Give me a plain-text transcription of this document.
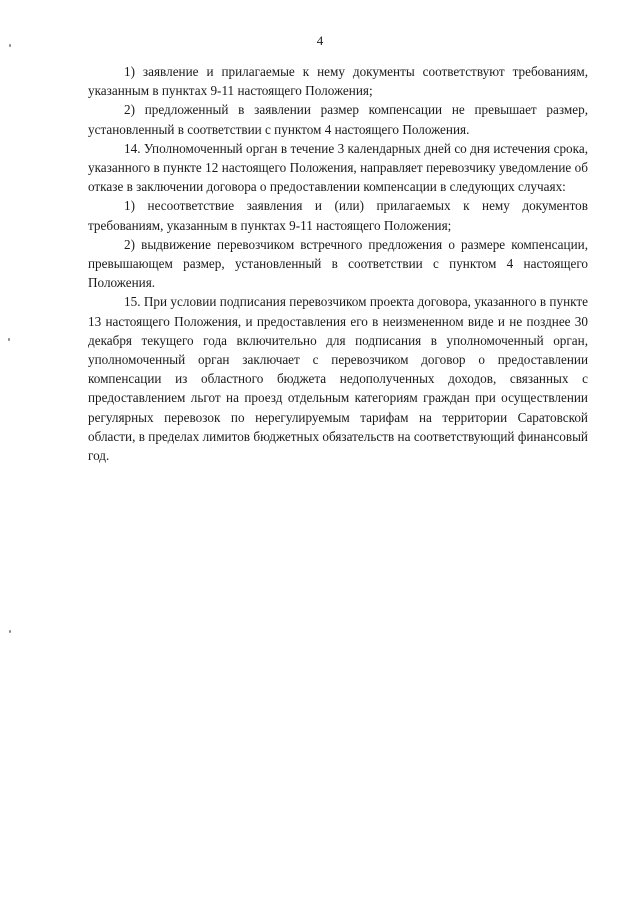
4

1) заявление и прилагаемые к нему документы соответствуют требованиям, указанным в пунктах 9-11 настоящего Положения;

2) предложенный в заявлении размер компенсации не превышает размер, установленный в соответствии с пунктом 4 настоящего Положения.

14. Уполномоченный орган в течение 3 календарных дней со дня истечения срока, указанного в пункте 12 настоящего Положения, направляет перевозчику уведомление об отказе в заключении договора о предоставлении компенсации в следующих случаях:

1) несоответствие заявления и (или) прилагаемых к нему документов требованиям, указанным в пунктах 9-11 настоящего Положения;

2) выдвижение перевозчиком встречного предложения о размере компенсации, превышающем размер, установленный в соответствии с пунктом 4 настоящего Положения.

15. При условии подписания перевозчиком проекта договора, указанного в пункте 13 настоящего Положения, и предоставления его в неизмененном виде и не позднее 30 декабря текущего года включительно для подписания в уполномоченный орган, уполномоченный орган заключает с перевозчиком договор о предоставлении компенсации из областного бюджета недополученных доходов, связанных с предоставлением льгот на проезд отдельным категориям граждан при осуществлении регулярных перевозок по нерегулируемым тарифам на территории Саратовской области, в пределах лимитов бюджетных обязательств на соответствующий финансовый год.
